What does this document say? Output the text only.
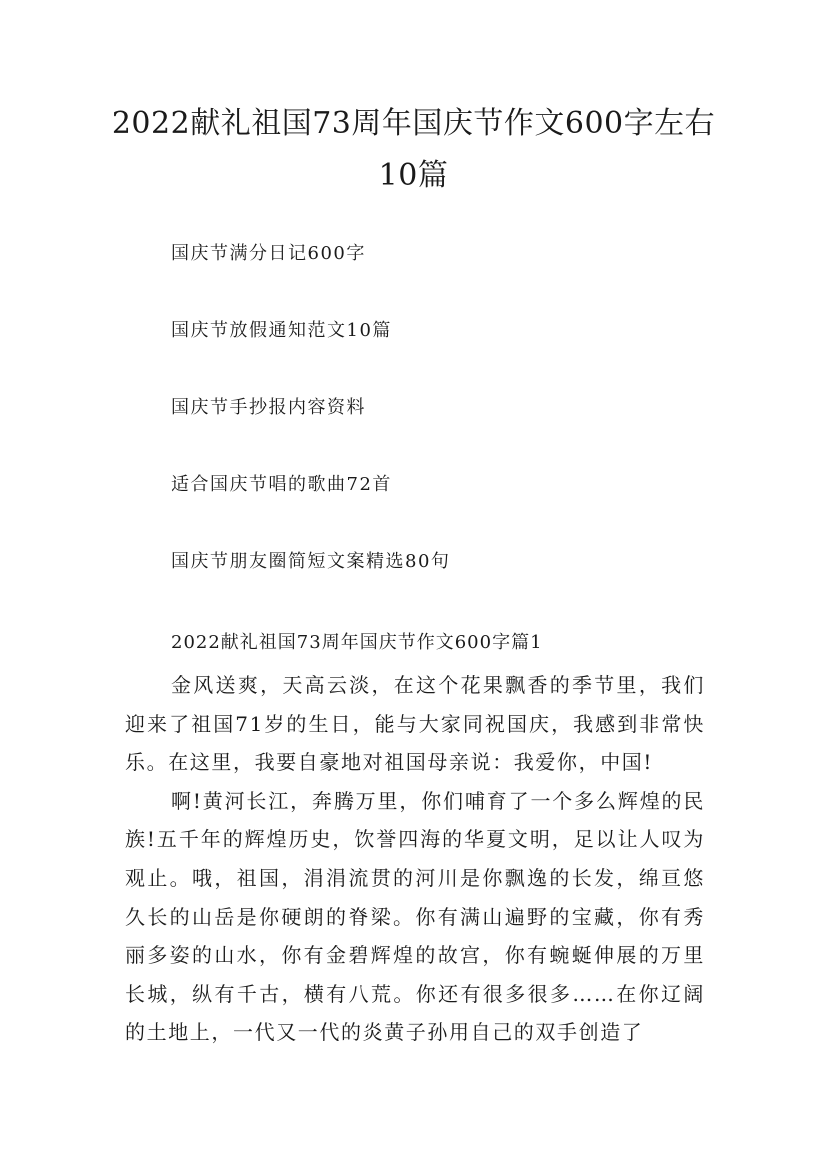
2022献礼祖国73周年国庆节作文600字左右10篇
国庆节满分日记600字
国庆节放假通知范文10篇
国庆节手抄报内容资料
适合国庆节唱的歌曲72首
国庆节朋友圈简短文案精选80句
2022献礼祖国73周年国庆节作文600字篇1

金风送爽，天高云淡，在这个花果飘香的季节里，我们迎来了祖国71岁的生日，能与大家同祝国庆，我感到非常快乐。在这里，我要自豪地对祖国母亲说：我爱你，中国!

啊!黄河长江，奔腾万里，你们哺育了一个多么辉煌的民族!五千年的辉煌历史，饮誉四海的华夏文明，足以让人叹为观止。哦，祖国，涓涓流贯的河川是你飘逸的长发，绵亘悠久长的山岳是你硬朗的脊梁。你有满山遍野的宝藏，你有秀丽多姿的山水，你有金碧辉煌的故宫，你有蜿蜒伸展的万里长城，纵有千古，横有八荒。你还有很多很多……在你辽阔的土地上，一代又一代的炎黄子孙用自己的双手创造了
